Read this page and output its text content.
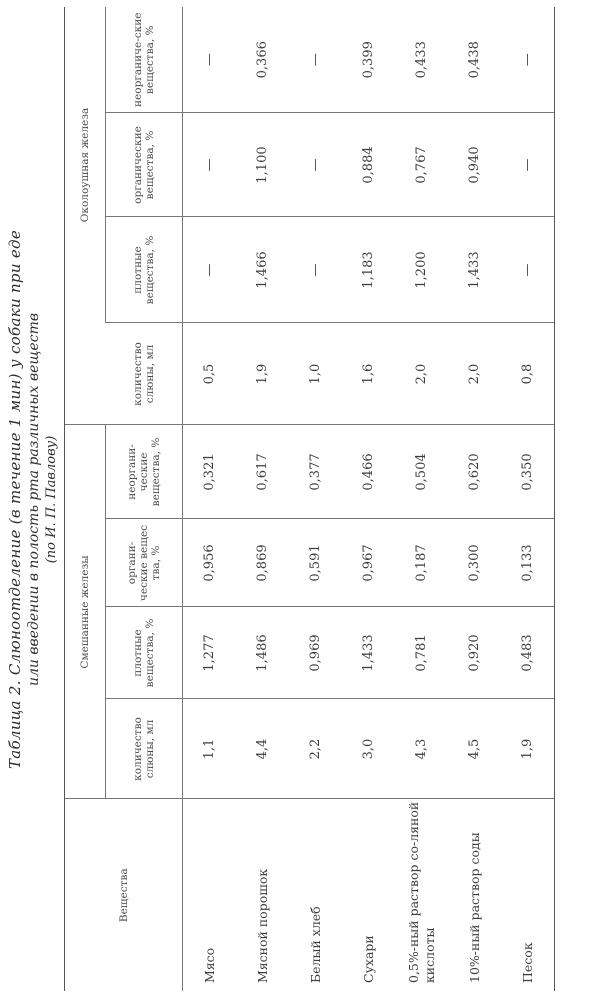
Таблица 2. Слюноотделение (в течение 1 мин) у собаки при еде или введении в полость рта различных веществ (по И. П. Павлову)
Вещества	Смешанные железы					Околоушная железа		
	количество слюны, мл	плотные вещества, %	органи-ческие вещес тва, %	неоргани-ческие вещества, %	количество слюны, мл	плотные вещества, %	органические вещества, %	неорганиче-ские вещества, %
Мясо	1,1	1,277	0,956	0,321	0,5	—	—	—
Мясной порошок	4,4	1,486	0,869	0,617	1,9	1,466	1,100	0,366
Белый хлеб	2,2	0,969	0,591	0,377	1,0	—	—	—
Сухари	3,0	1,433	0,967	0,466	1,6	1,183	0,884	0,399
0,5%-ный раствор со-ляной кислоты	4,3	0,781	0,187	0,504	2,0	1,200	0,767	0,433
10%-ный раствор соды	4,5	0,920	0,300	0,620	2,0	1,433	0,940	0,438
Песок	1,9	0,483	0,133	0,350	0,8	—	—	—
